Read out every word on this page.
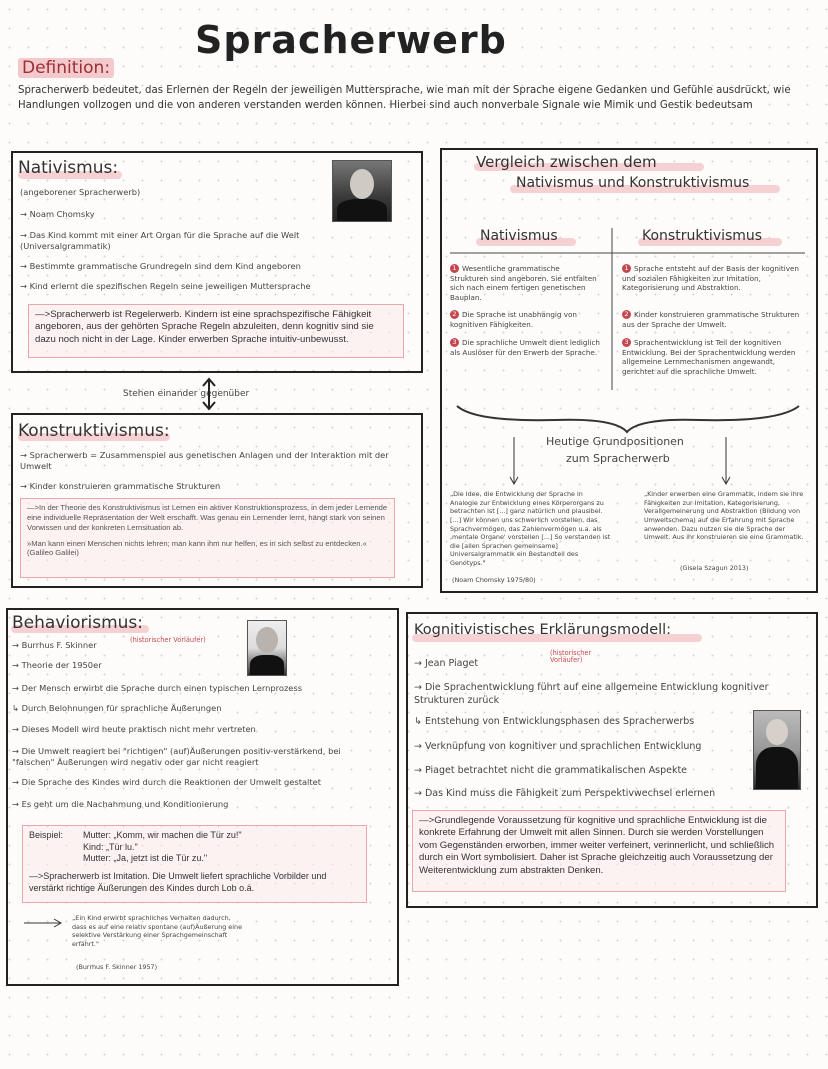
Spracherwerb
Definition:
Spracherwerb bedeutet, das Erlernen der Regeln der jeweiligen Muttersprache, wie man mit der Sprache eigene Gedanken und Gefühle ausdrückt, wie Handlungen vollzogen und die von anderen verstanden werden können. Hierbei sind auch nonverbale Signale wie Mimik und Gestik bedeutsam
Nativismus:
(angeborener Spracherwerb)
→ Noam Chomsky
→ Das Kind kommt mit einer Art Organ für die Sprache auf die Welt (Universalgrammatik)
→ Bestimmte grammatische Grundregeln sind dem Kind angeboren
→ Kind erlernt die spezifischen Regeln seine jeweiligen Muttersprache
—>Spracherwerb ist Regelerwerb. Kindern ist eine sprachspezifische Fähigkeit angeboren, aus der gehörten Sprache Regeln abzuleiten, denn kognitiv sind sie dazu noch nicht in der Lage. Kinder erwerben Sprache intuitiv-unbewusst.
Stehen einander gegenüber
Konstruktivismus:
→ Spracherwerb = Zusammenspiel aus genetischen Anlagen und der Interaktion mit der Umwelt
→ Kinder konstruieren grammatische Strukturen
—>In der Theorie des Konstruktivismus ist Lernen ein aktiver Konstruktionsprozess, in dem jeder Lernende eine individuelle Repräsentation der Welt erschafft. Was genau ein Lernender lernt, hängt stark von seinen Vorwissen und der konkreten Lernsituation ab.
»Man kann einen Menschen nichts lehren; man kann ihm nur helfen, es in sich selbst zu entdecken.« (Galileo Galilei)
Vergleich zwischen dem
Nativismus und Konstruktivismus
Nativismus	Konstruktivismus
1 Wesentliche grammatische Strukturen sind angeboren. Sie entfalten sich nach einem fertigen genetischen Bauplan.
2 Die Sprache ist unabhängig von kognitiven Fähigkeiten.
3 Die sprachliche Umwelt dient lediglich als Auslöser für den Erwerb der Sprache.
1 Sprache entsteht auf der Basis der kognitiven und sozialen Fähigkeiten zur Imitation, Kategorisierung und Abstraktion.
2 Kinder konstruieren grammatische Strukturen aus der Sprache der Umwelt.
3 Sprachentwicklung ist Teil der kognitiven Entwicklung. Bei der Sprachentwicklung werden allgemeine Lernmechanismen angewandt, gerichtet auf die sprachliche Umwelt.
Heutige Grundpositionen
zum Spracherwerb
„Die Idee, die Entwicklung der Sprache in Analogie zur Entwicklung eines Körperorgans zu betrachten ist [...] ganz natürlich und plausibel. [...] Wir können uns schwerlich vorstellen, das Sprachvermögen, das Zahlenvermögen u.a. als ‚mentale Organe' vorstellen [...] So verstanden ist die [allen Sprachen gemeinsame] Universalgrammatik ein Bestandteil des Genotyps."
(Noam Chomsky 1975/80)
„Kinder erwerben eine Grammatik, indem sie ihre Fähigkeiten zur Imitation, Kategorisierung, Verallgemeinerung und Abstraktion (Bildung von Umweltschema) auf die Erfahrung mit Sprache anwenden. Dazu nutzen sie die Sprache der Umwelt. Aus ihr konstruieren sie eine Grammatik.
(Gisela Szagun 2013)
Behaviorismus:
(historischer Vorläufer)
→ Burrhus F. Skinner
→ Theorie der 1950er
→ Der Mensch erwirbt die Sprache durch einen typischen Lernprozess
↳ Durch Belohnungen für sprachliche Äußerungen
→ Dieses Modell wird heute praktisch nicht mehr vertreten
→ Die Umwelt reagiert bei "richtigen" (auf)Äußerungen positiv-verstärkend, bei "falschen" Äußerungen wird negativ oder gar nicht reagiert
→ Die Sprache des Kindes wird durch die Reaktionen der Umwelt gestaltet
→ Es geht um die Nachahmung und Konditionierung
Beispiel:	Mutter: „Komm, wir machen die Tür zu!"
Kind: „Tür lu."
Mutter: „Ja, jetzt ist die Tür zu."
—>Spracherwerb ist Imitation. Die Umwelt liefert sprachliche Vorbilder und verstärkt richtige Äußerungen des Kindes durch Lob o.ä.
„Ein Kind erwirbt sprachliches Verhalten dadurch, dass es auf eine relativ spontane (auf)Äußerung eine selektive Verstärkung einer Sprachgemeinschaft erfährt."
(Burrhus F. Skinner 1957)
Kognitivistisches Erklärungsmodell:
(historischer Vorläufer)
→ Jean Piaget
→ Die Sprachentwicklung führt auf eine allgemeine Entwicklung kognitiver Strukturen zurück
↳ Entstehung von Entwicklungsphasen des Spracherwerbs
→ Verknüpfung von kognitiver und sprachlichen Entwicklung
→ Piaget betrachtet nicht die grammatikalischen Aspekte
→ Das Kind muss die Fähigkeit zum Perspektivwechsel erlernen
—>Grundlegende Voraussetzung für kognitive und sprachliche Entwicklung ist die konkrete Erfahrung der Umwelt mit allen Sinnen. Durch sie werden Vorstellungen vom Gegenständen erworben, immer weiter verfeinert, verinnerlicht, und schließlich durch ein Wort symbolisiert. Daher ist Sprache gleichzeitig auch Voraussetzung der Weiterentwicklung zum abstrakten Denken.
